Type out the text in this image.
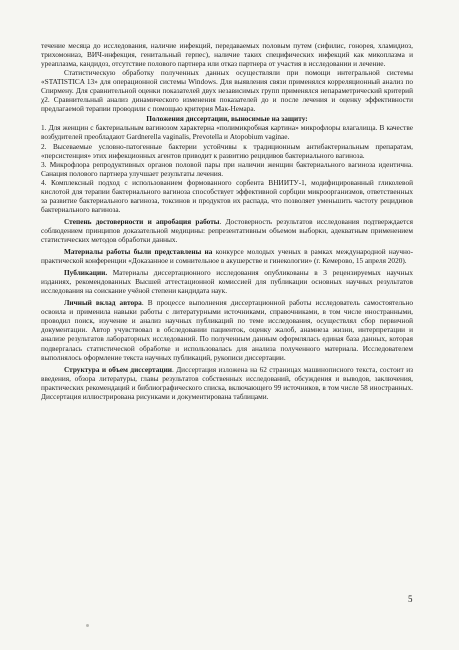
течение месяца до исследования, наличие инфекций, передаваемых половым путем (сифилис, гонорея, хламидиоз, трихомониаз, ВИЧ-инфекция, генитальный герпес), наличие таких специфических инфекций как микоплазма и уреаплазма, кандидоз, отсутствие полового партнера или отказ партнера от участия в исследовании и лечение.

Статистическую обработку полученных данных осуществляли при помощи интегральной системы «STATISTICA 13» для операционной системы Windows. Для выявления связи применялся корреляционный анализ по Спирмену. Для сравнительной оценки показателей двух независимых групп применялся непараметрический критерий χ2. Сравнительный анализ динамического изменения показателей до и после лечения и оценку эффективности предлагаемой терапии проводили с помощью критерия Мак-Немара.

Положения диссертации, выносимые на защиту:

1. Для женщин с бактериальным вагинозом характерна «полимикробная картина» микрофлоры влагалища. В качестве возбудителей преобладают Gardnerella vaginalis, Prevotella и Atopobium vaginae.

2. Высеваемые условно-патогенные бактерии устойчивы к традиционным антибактериальным препаратам, «персистенция» этих инфекционных агентов приводит к развитию рецидивов бактериального вагиноза.

3. Микрофлора репродуктивных органов половой пары при наличии женщин бактериального вагиноза идентична. Санация полового партнера улучшает результаты лечения.

4. Комплексный подход с использованием формованного сорбента ВНИИТУ-1, модифицированный гликолевой кислотой для терапии бактериального вагиноза способствует эффективной сорбции микроорганизмов, ответственных за развитие бактериального вагиноза, токсинов и продуктов их распада, что позволяет уменьшить частоту рецидивов бактериального вагиноза.

Степень достоверности и апробация работы. Достоверность результатов исследования подтверждается соблюдением принципов доказательной медицины: репрезентативным объемом выборки, адекватным применением статистических методов обработки данных.

Материалы работы были представлены на конкурсе молодых ученых в рамках международной научно-практической конференции «Доказанное и сомнительное в акушерстве и гинекологии» (г. Кемерово, 15 апреля 2020).

Публикации. Материалы диссертационного исследования опубликованы в 3 рецензируемых научных изданиях, рекомендованных Высшей аттестационной комиссией для публикации основных научных результатов исследования на соискание учёной степени кандидата наук.

Личный вклад автора. В процессе выполнения диссертационной работы исследователь самостоятельно освоила и применила навыки работы с литературными источниками, справочниками, в том числе иностранными, проводил поиск, изучение и анализ научных публикаций по теме исследования, осуществлял сбор первичной документации. Автор учувствовал в обследовании пациенток, оценку жалоб, анамнеза жизни, интерпретации и анализе результатов лабораторных исследований. По полученным данным оформлялась единая база данных, которая подвергалась статистической обработке и использовалась для анализа полученного материала. Исследователем выполнялось оформление текста научных публикаций, рукописи диссертации.

Структура и объем диссертации. Диссертация изложена на 62 страницах машинописного текста, состоит из введения, обзора литературы, главы результатов собственных исследований, обсуждения и выводов, заключения, практических рекомендаций и библиографического списка, включающего 99 источников, в том числе 58 иностранных. Диссертация иллюстрирована рисунками и документирована таблицами.

5
